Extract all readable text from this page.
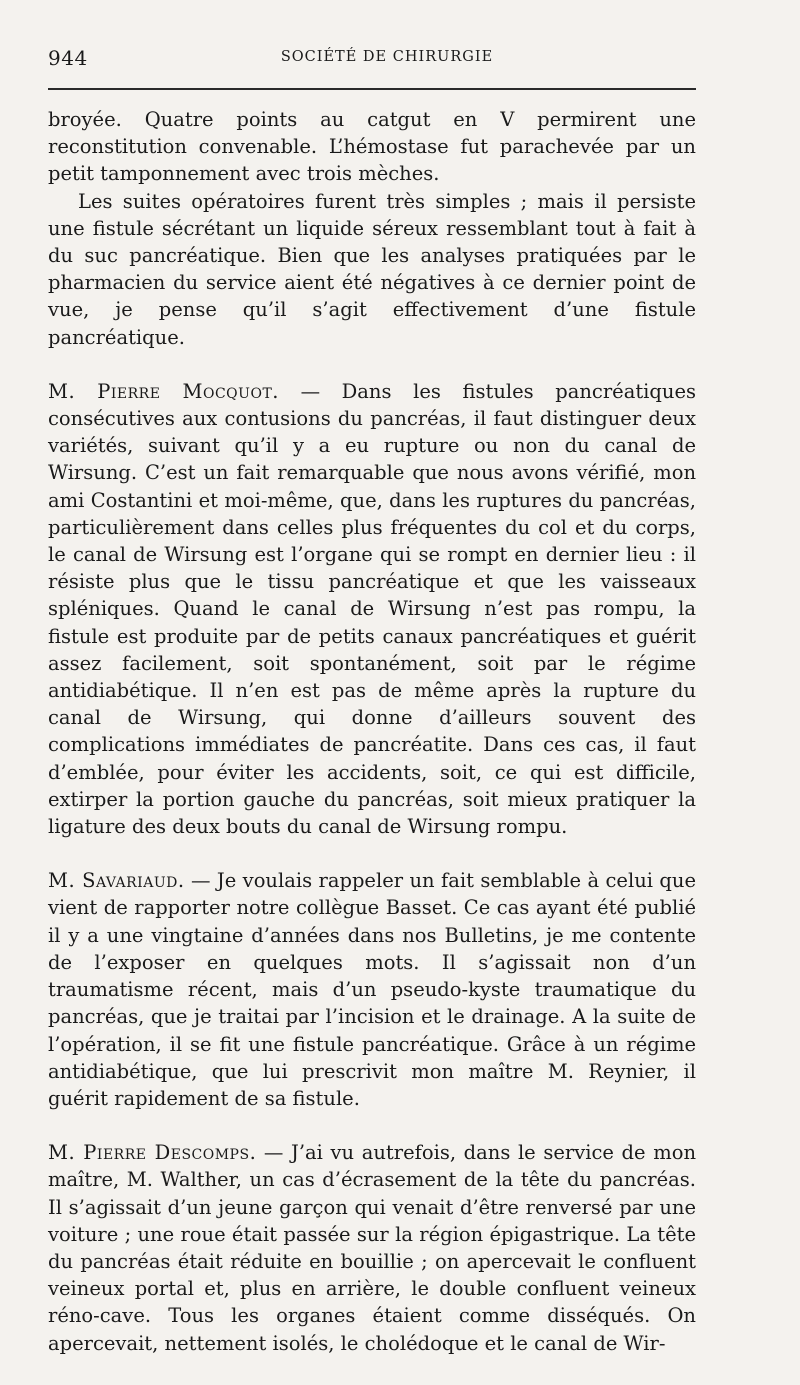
944	SOCIÉTÉ DE CHIRURGIE

broyée. Quatre points au catgut en V permirent une reconstitution convenable. L’hémostase fut parachevée par un petit tamponnement avec trois mèches.

Les suites opératoires furent très simples ; mais il persiste une fistule sécrétant un liquide séreux ressemblant tout à fait à du suc pancréatique. Bien que les analyses pratiquées par le pharmacien du service aient été négatives à ce dernier point de vue, je pense qu’il s’agit effectivement d’une fistule pancréatique.

M. Pierre Mocquot. — Dans les fistules pancréatiques consécutives aux contusions du pancréas, il faut distinguer deux variétés, suivant qu’il y a eu rupture ou non du canal de Wirsung. C’est un fait remarquable que nous avons vérifié, mon ami Costantini et moi-même, que, dans les ruptures du pancréas, particulièrement dans celles plus fréquentes du col et du corps, le canal de Wirsung est l’organe qui se rompt en dernier lieu : il résiste plus que le tissu pancréatique et que les vaisseaux spléniques. Quand le canal de Wirsung n’est pas rompu, la fistule est produite par de petits canaux pancréatiques et guérit assez facilement, soit spontanément, soit par le régime antidiabétique. Il n’en est pas de même après la rupture du canal de Wirsung, qui donne d’ailleurs souvent des complications immédiates de pancréatite. Dans ces cas, il faut d’emblée, pour éviter les accidents, soit, ce qui est difficile, extirper la portion gauche du pancréas, soit mieux pratiquer la ligature des deux bouts du canal de Wirsung rompu.

M. Savariaud. — Je voulais rappeler un fait semblable à celui que vient de rapporter notre collègue Basset. Ce cas ayant été publié il y a une vingtaine d’années dans nos Bulletins, je me contente de l’exposer en quelques mots. Il s’agissait non d’un traumatisme récent, mais d’un pseudo-kyste traumatique du pancréas, que je traitai par l’incision et le drainage. A la suite de l’opération, il se fit une fistule pancréatique. Grâce à un régime antidiabétique, que lui prescrivit mon maître M. Reynier, il guérit rapidement de sa fistule.

M. Pierre Descomps. — J’ai vu autrefois, dans le service de mon maître, M. Walther, un cas d’écrasement de la tête du pancréas. Il s’agissait d’un jeune garçon qui venait d’être renversé par une voiture ; une roue était passée sur la région épigastrique. La tête du pancréas était réduite en bouillie ; on apercevait le confluent veineux portal et, plus en arrière, le double confluent veineux réno-cave. Tous les organes étaient comme disséqués. On apercevait, nettement isolés, le cholédoque et le canal de Wir-
